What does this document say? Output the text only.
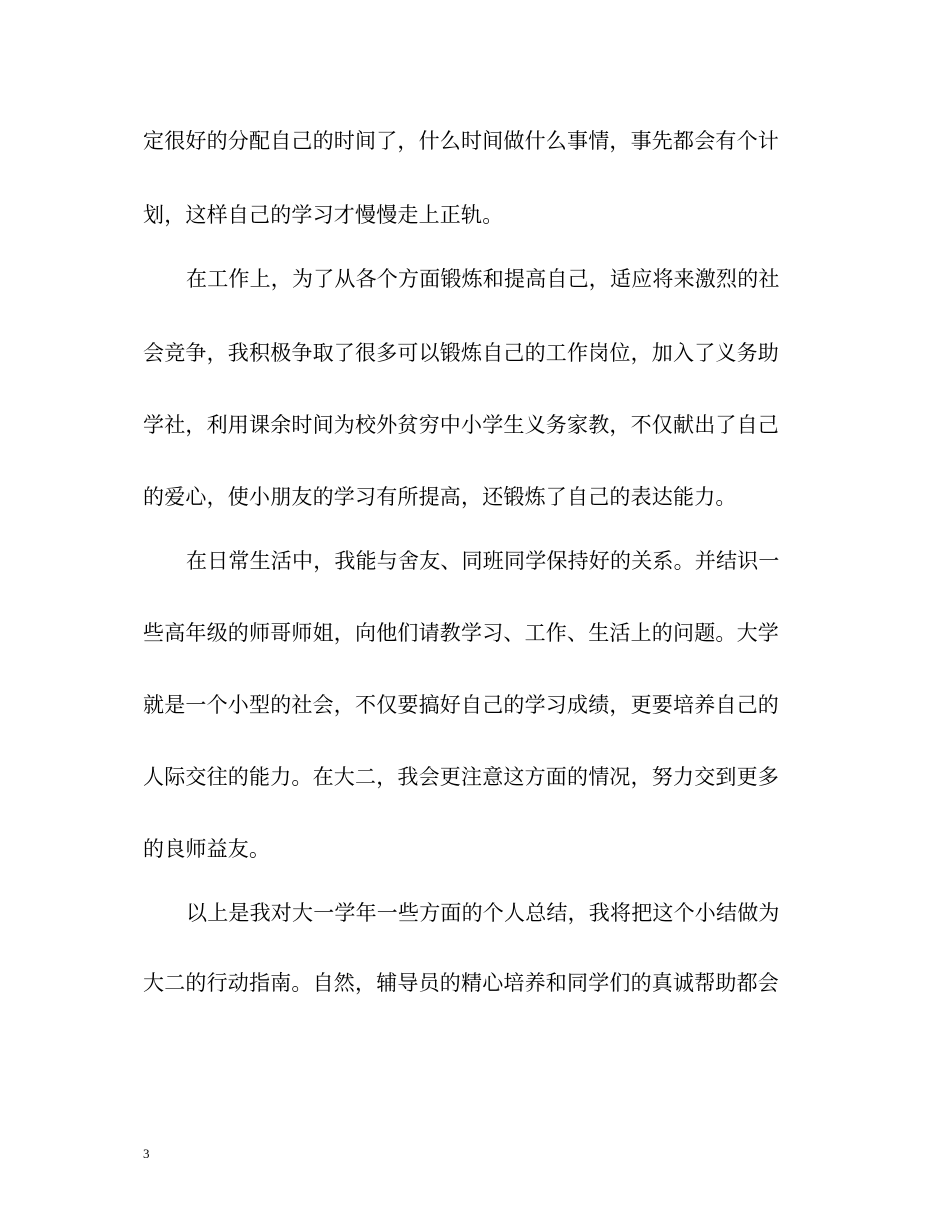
定很好的分配自己的时间了，什么时间做什么事情，事先都会有个计
划，这样自己的学习才慢慢走上正轨。
在工作上，为了从各个方面锻炼和提高自己，适应将来激烈的社
会竞争，我积极争取了很多可以锻炼自己的工作岗位，加入了义务助
学社，利用课余时间为校外贫穷中小学生义务家教，不仅献出了自己
的爱心，使小朋友的学习有所提高，还锻炼了自己的表达能力。
在日常生活中，我能与舍友、同班同学保持好的关系。并结识一
些高年级的师哥师姐，向他们请教学习、工作、生活上的问题。大学
就是一个小型的社会，不仅要搞好自己的学习成绩，更要培养自己的
人际交往的能力。在大二，我会更注意这方面的情况，努力交到更多
的良师益友。
以上是我对大一学年一些方面的个人总结，我将把这个小结做为
大二的行动指南。自然，辅导员的精心培养和同学们的真诚帮助都会
3
